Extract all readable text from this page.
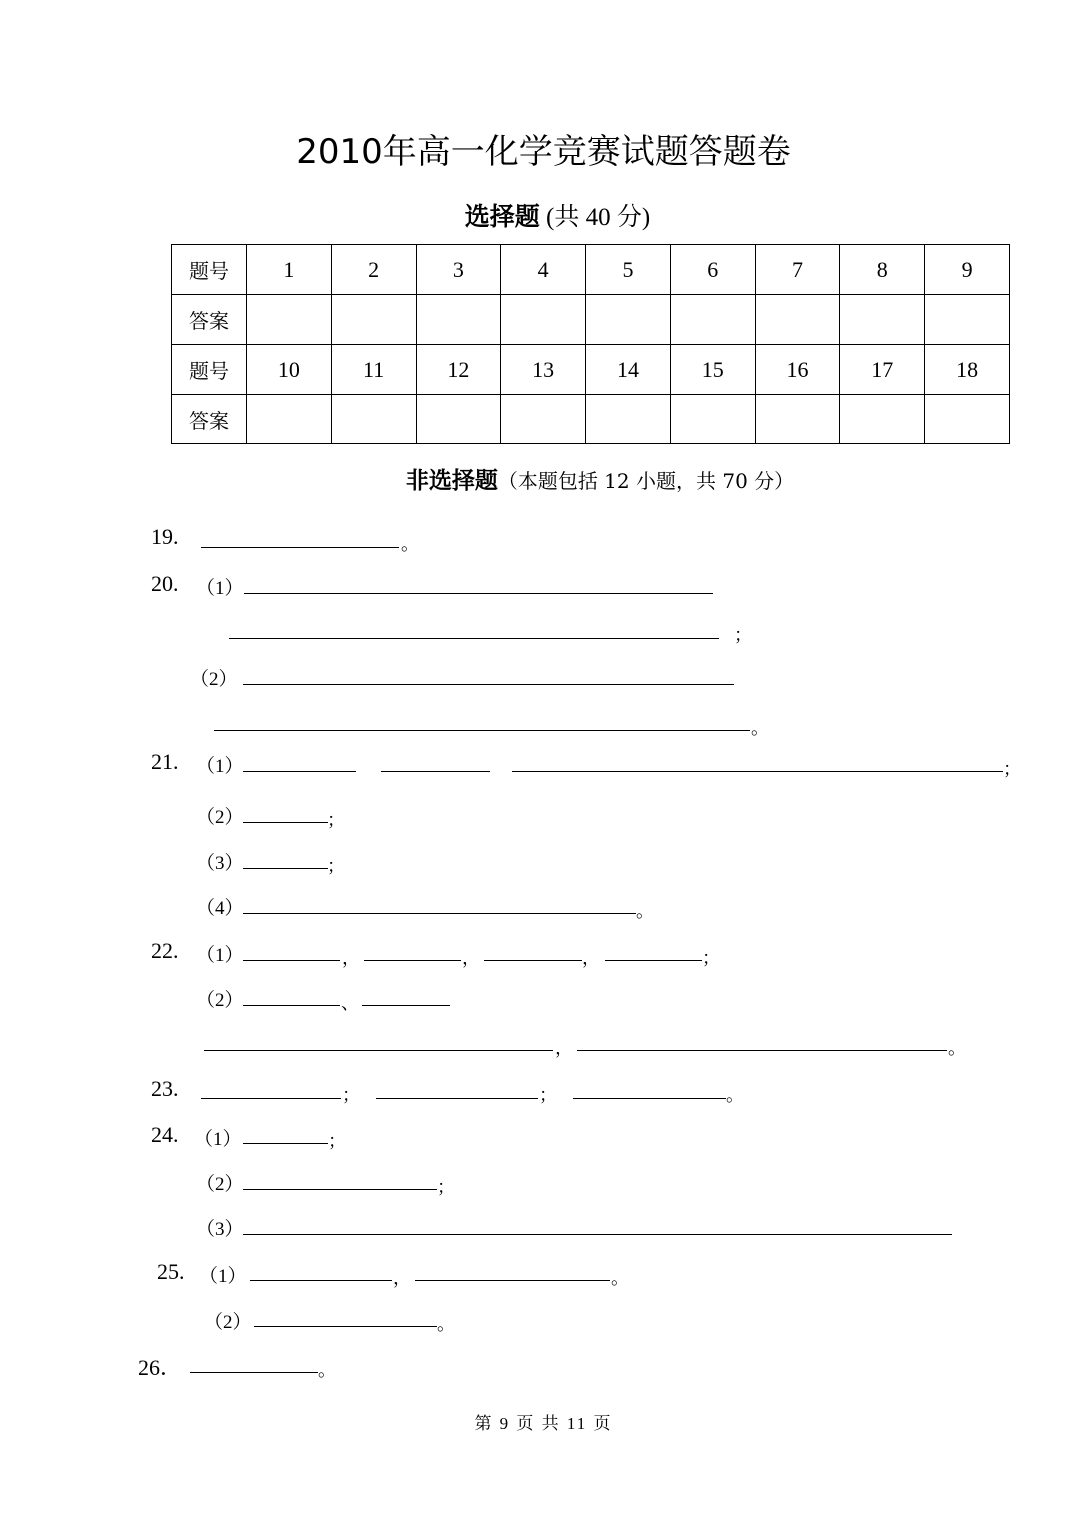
2010年高一化学竞赛试题答题卷
选择题 (共 40 分)
题号	1	2	3	4	5	6	7	8	9
答案									
题号	10	11	12	13	14	15	16	17	18
答案									
非选择题（本题包括 12 小题，共 70 分）
19.	。
20. （1）
；
（2）
。
21. （1）	；
（2）	；
（3）	；
（4）	。
22. （1）	，	，	，	；
（2）	、
，	。
23.	；	；	。
24. （1）	；
（2）	；
（3）
25. （1）	，	。
（2）	。
26．	。
第 9 页 共 11 页
